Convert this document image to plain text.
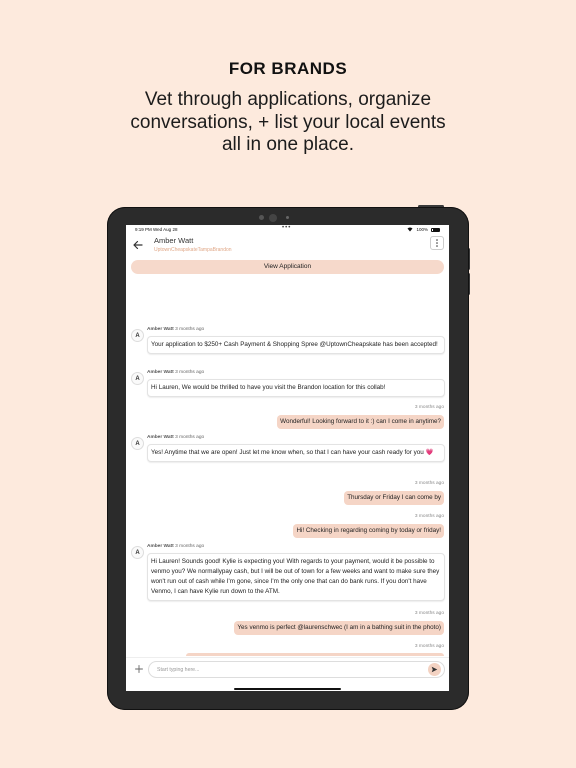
FOR BRANDS
Vet through applications, organize
conversations, + list your local events
all in one place.
9:19 PM Wed Aug 28	•••	100%
Amber Watt
UptownCheapskateTampaBrandon
View Application
A
Amber Watt 3 months ago
Your application to $250+ Cash Payment & Shopping Spree @UptownCheapskate has been accepted!
A
Amber Watt 3 months ago
Hi Lauren, We would be thrilled to have you visit the Brandon location for this collab!
3 months ago
Wonderful! Looking forward to it :) can I come in anytime?
A
Amber Watt 3 months ago
Yes! Anytime that we are open! Just let me know when, so that I can have your cash ready for you 💗
3 months ago
Thursday or Friday I can come by
3 months ago
Hi! Checking in regarding coming by today or friday!
A
Amber Watt 3 months ago
Hi Lauren! Sounds good! Kylie is expecting you! With regards to your payment, would it be possible to venmo you? We normallypay cash, but I will be out of town for a few weeks and want to make sure they won't run out of cash while I'm gone, since I'm the only one that can do bank runs. If you don't have Venmo, I can have Kylie run down to the ATM.
3 months ago
Yes venmo is perfect @laurenschwec (I am in a bathing suit in the photo)
3 months ago
Start typing here...
